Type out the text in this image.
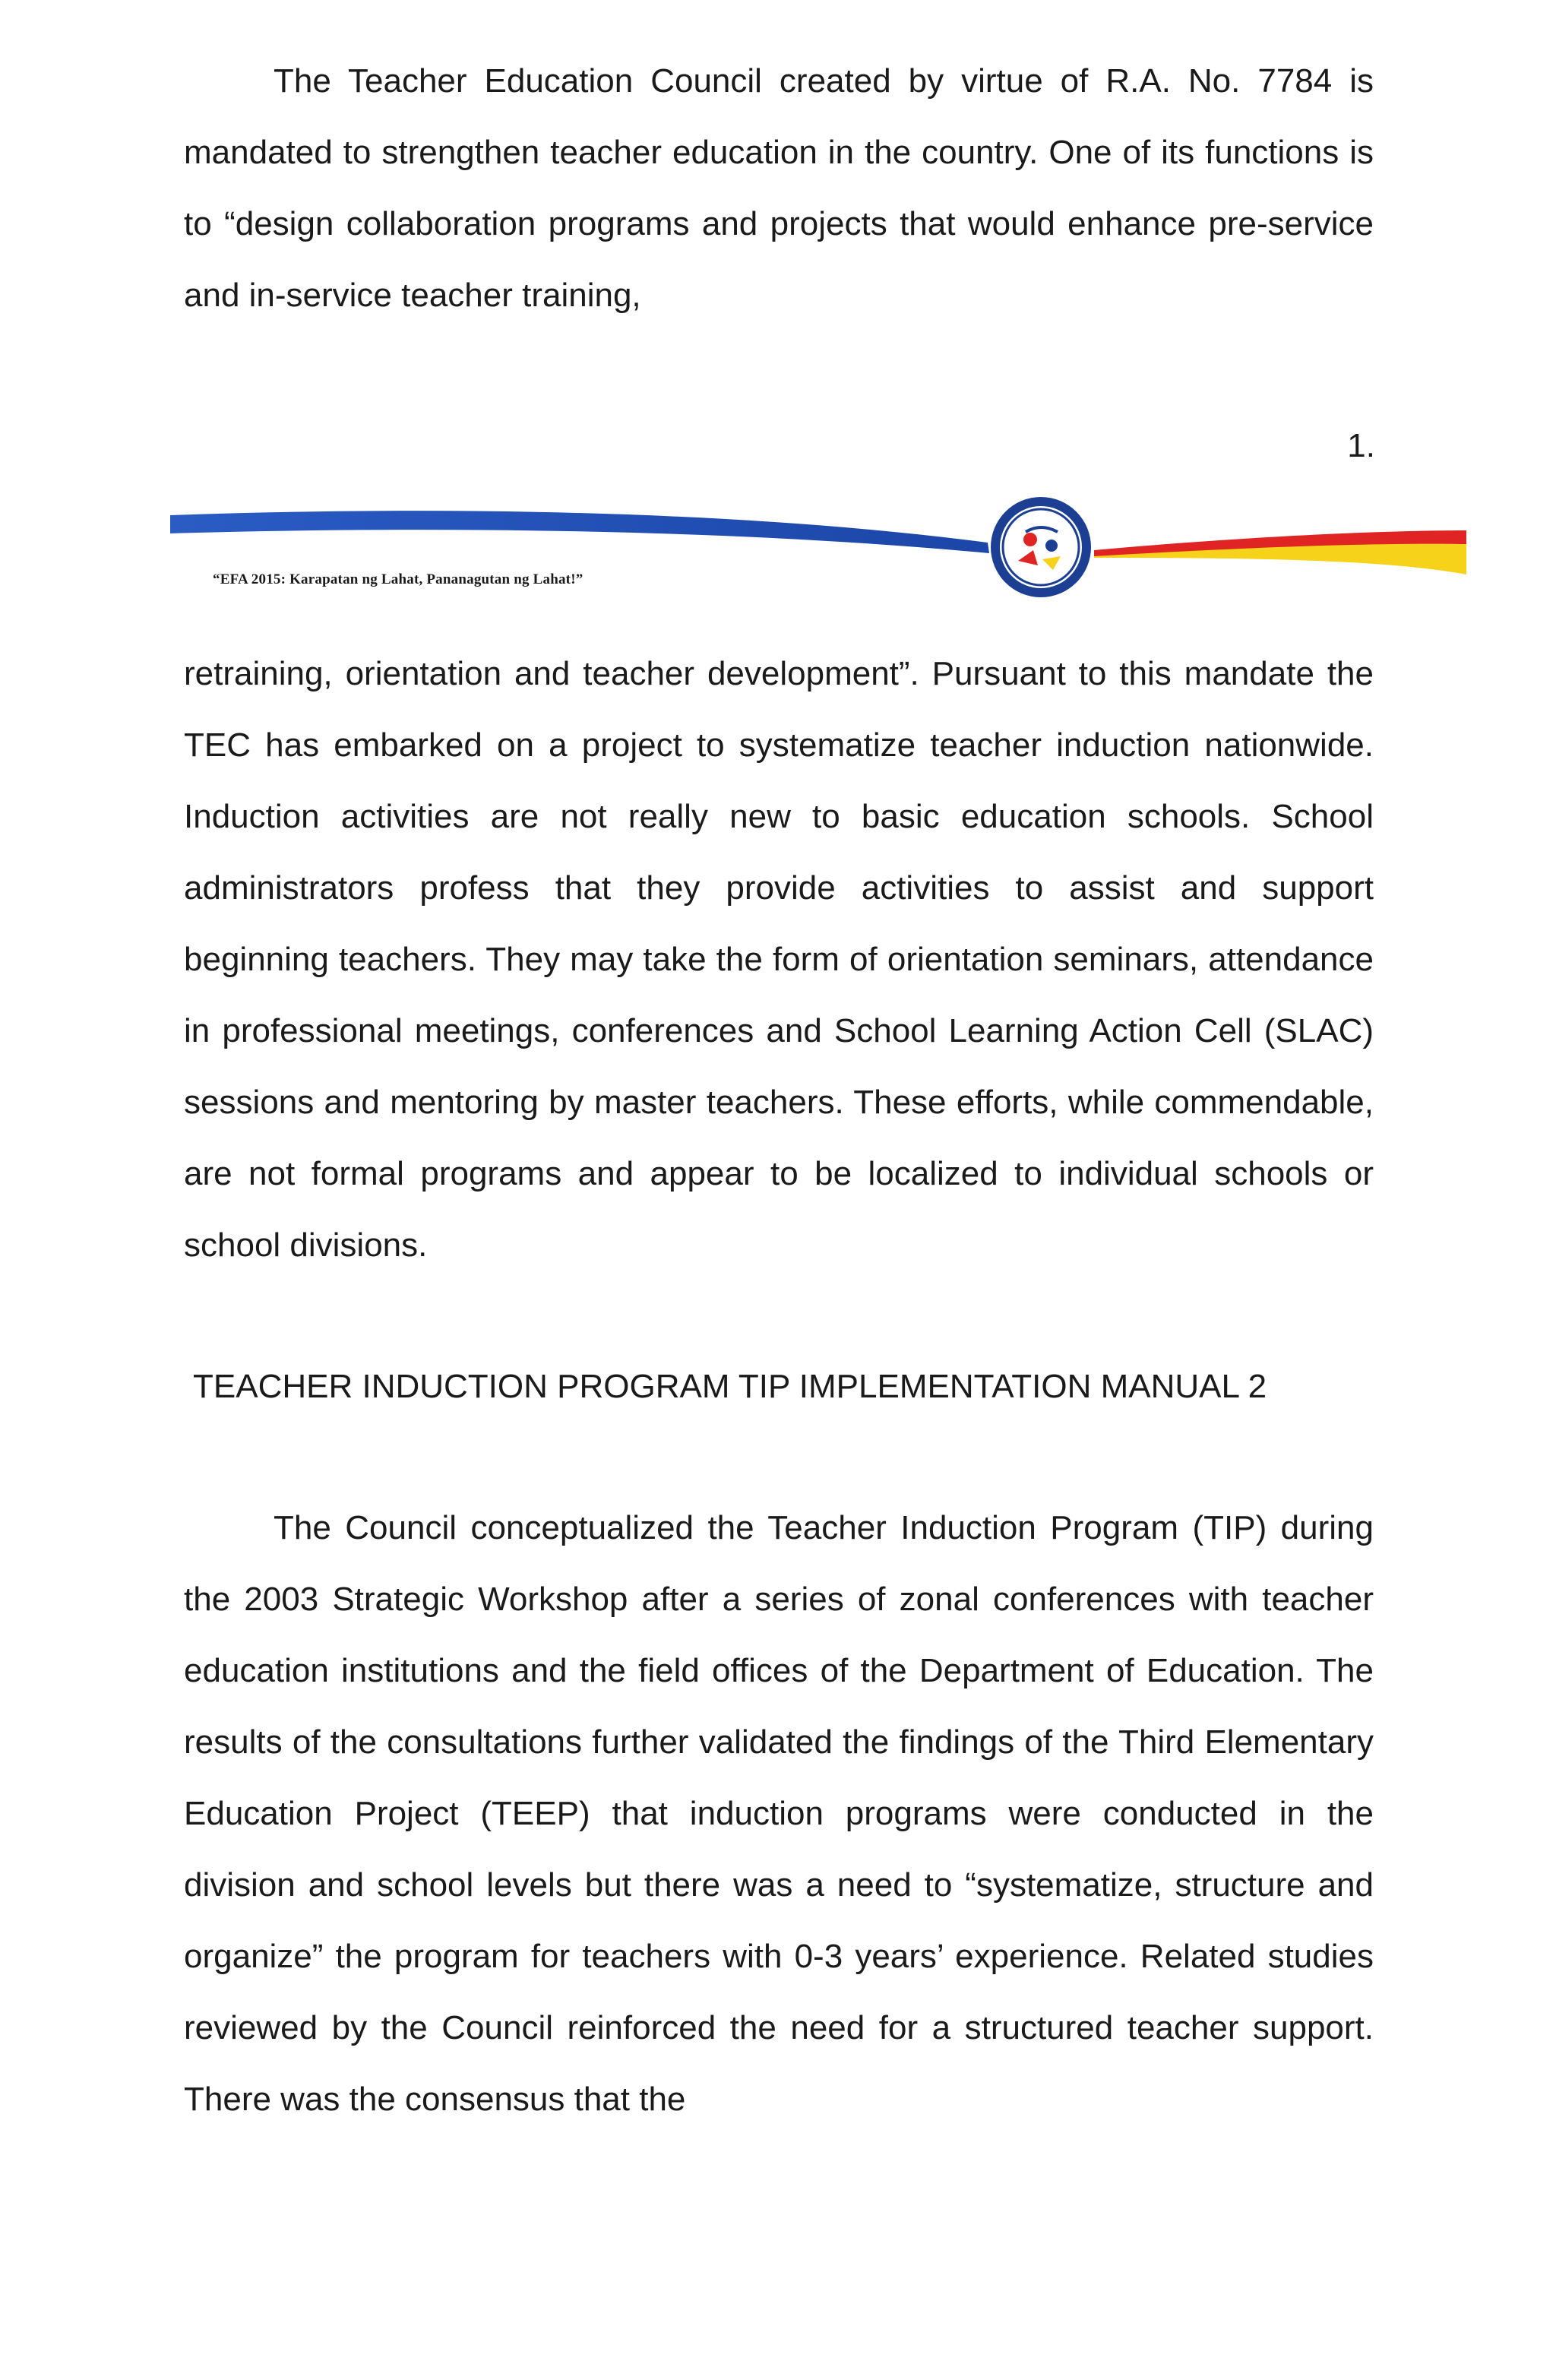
The Teacher Education Council created by virtue of R.A. No. 7784 is mandated to strengthen teacher education in the country. One of its functions is to “design collaboration programs and projects that would enhance pre-service and in-service teacher training,

1.
“EFA 2015: Karapatan ng Lahat, Pananagutan ng Lahat!”

retraining, orientation and teacher development”. Pursuant to this mandate the TEC has embarked on a project to systematize teacher induction nationwide. Induction activities are not really new to basic education schools. School administrators profess that they provide activities to assist and support beginning teachers. They may take the form of orientation seminars, attendance in professional meetings, conferences and School Learning Action Cell (SLAC) sessions and mentoring by master teachers. These efforts, while commendable, are not formal programs and appear to be localized to individual schools or school divisions.

TEACHER INDUCTION PROGRAM TIP IMPLEMENTATION MANUAL 2

The Council conceptualized the Teacher Induction Program (TIP) during the 2003 Strategic Workshop after a series of zonal conferences with teacher education institutions and the field offices of the Department of Education. The results of the consultations further validated the findings of the Third Elementary Education Project (TEEP) that induction programs were conducted in the division and school levels but there was a need to “systematize, structure and organize” the program for teachers with 0-3 years’ experience. Related studies reviewed by the Council reinforced the need for a structured teacher support. There was the consensus that the
